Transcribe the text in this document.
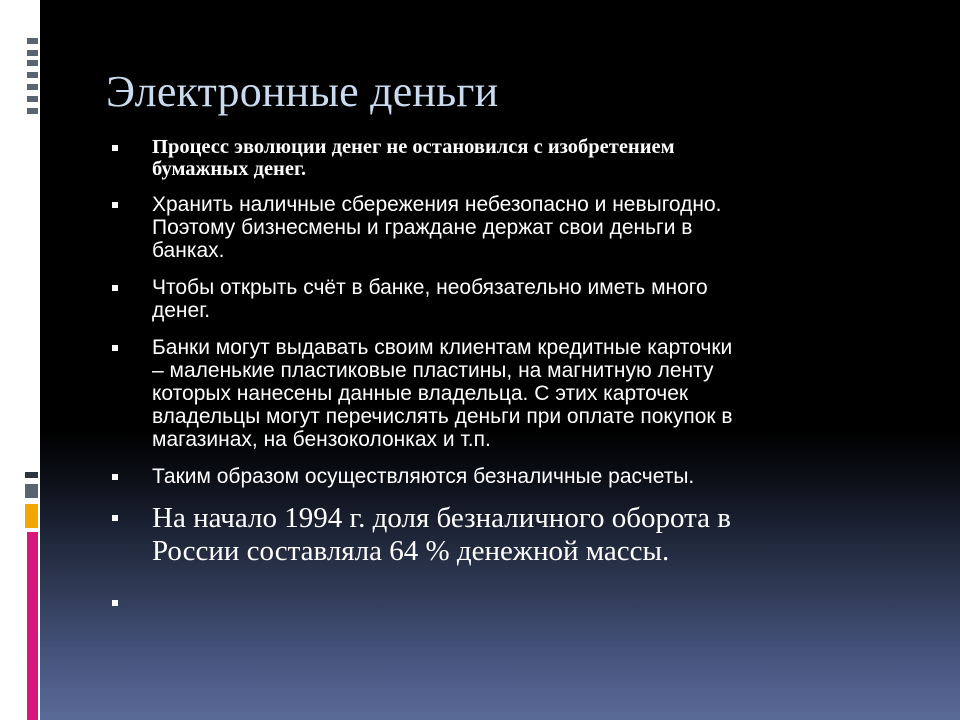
Электронные деньги
Процесс эволюции денег не остановился с изобретением
бумажных денег.
Хранить наличные сбережения небезопасно и невыгодно.
Поэтому бизнесмены и граждане держат свои деньги в
банках.
Чтобы открыть счёт в банке, необязательно иметь много
денег.
Банки могут выдавать своим клиентам кредитные карточки
– маленькие пластиковые пластины, на магнитную ленту
которых нанесены данные владельца. С этих карточек
владельцы могут перечислять деньги при оплате покупок в
магазинах, на бензоколонках и т.п.
Таким образом осуществляются безналичные расчеты.
На начало 1994 г. доля безналичного оборота в
России составляла 64 % денежной массы.
